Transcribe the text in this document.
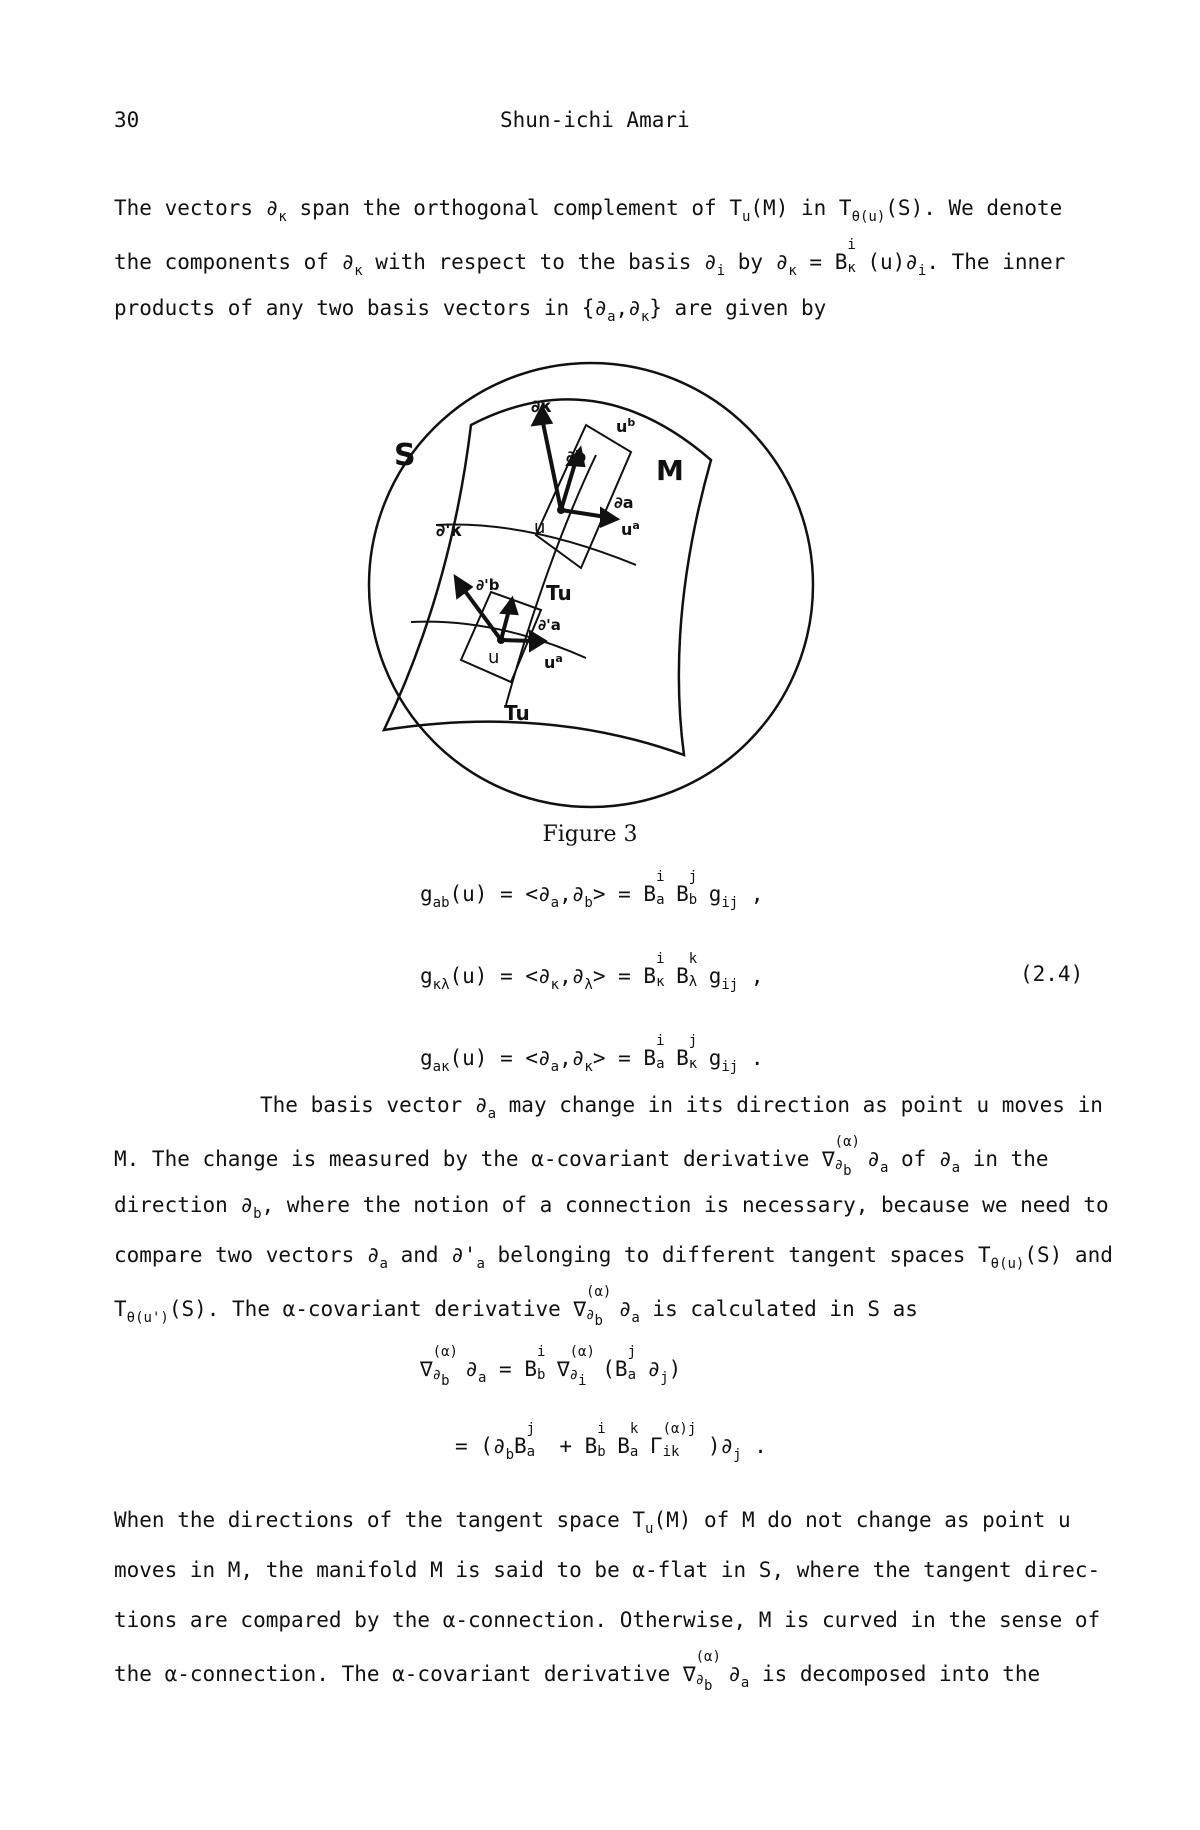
30	Shun-ichi Amari
The vectors $\partial_\kappa$ span the orthogonal complement of $T_u(M)$ in $T_{\theta(u)}(S)$. We denote
the components of $\partial_\kappa$ with respect to the basis $\partial_i$ by $\partial_\kappa = B$
i
κ $(u)\partial_i$. The inner
products of any two basis vectors in $\{\partial_a,\partial_\kappa\}$ are given by
S	M
∂κ
∂b
∂a
u
∂'κ
∂'b
∂'a
u
Tu
Tu
$u^b$
$u^a$
$u^a$
Figure 3
$g_{ab}(u) = <\partial_a,\partial_b> = B$
i
a B
j
b $g_{ij}$ ,
$g_{\kappa\lambda}(u) = <\partial_\kappa,\partial_\lambda> = B$
i
κ B
k
λ $g_{ij}$ ,	(2.4)
$g_{a\kappa}(u) = <\partial_a,\partial_\kappa> = B$
i
a B
j
κ $g_{ij}$ .
The basis vector $\partial_a$ may change in its direction as point u moves in
M. The change is measured by the α-covariant derivative ∇
(α)
$\partial_b$ $\partial_a$ of $\partial_a$ in the
direction $\partial_b$, where the notion of a connection is necessary, because we need to
compare two vectors $\partial_a$ and $\partial'_a$ belonging to different tangent spaces $T_{\theta(u)}(S)$ and
$T_{\theta(u')}(S)$. The α-covariant derivative ∇
(α)
$\partial_b$ $\partial_a$ is calculated in S as
∇
(α)
$\partial_b$ $\partial_a = B$
i
b ∇
(α)
$\partial_i$ (B
j
a $\partial_j$)
= ($\partial_bB$
j
a + B
i
b B
k
a Γ
(α)j
ik )$\partial_j$ .
When the directions of the tangent space $T_u(M)$ of M do not change as point u
moves in M, the manifold M is said to be α-flat in S, where the tangent direc-
tions are compared by the α-connection. Otherwise, M is curved in the sense of
the α-connection. The α-covariant derivative ∇
(α)
$\partial_b$ $\partial_a$ is decomposed into the
